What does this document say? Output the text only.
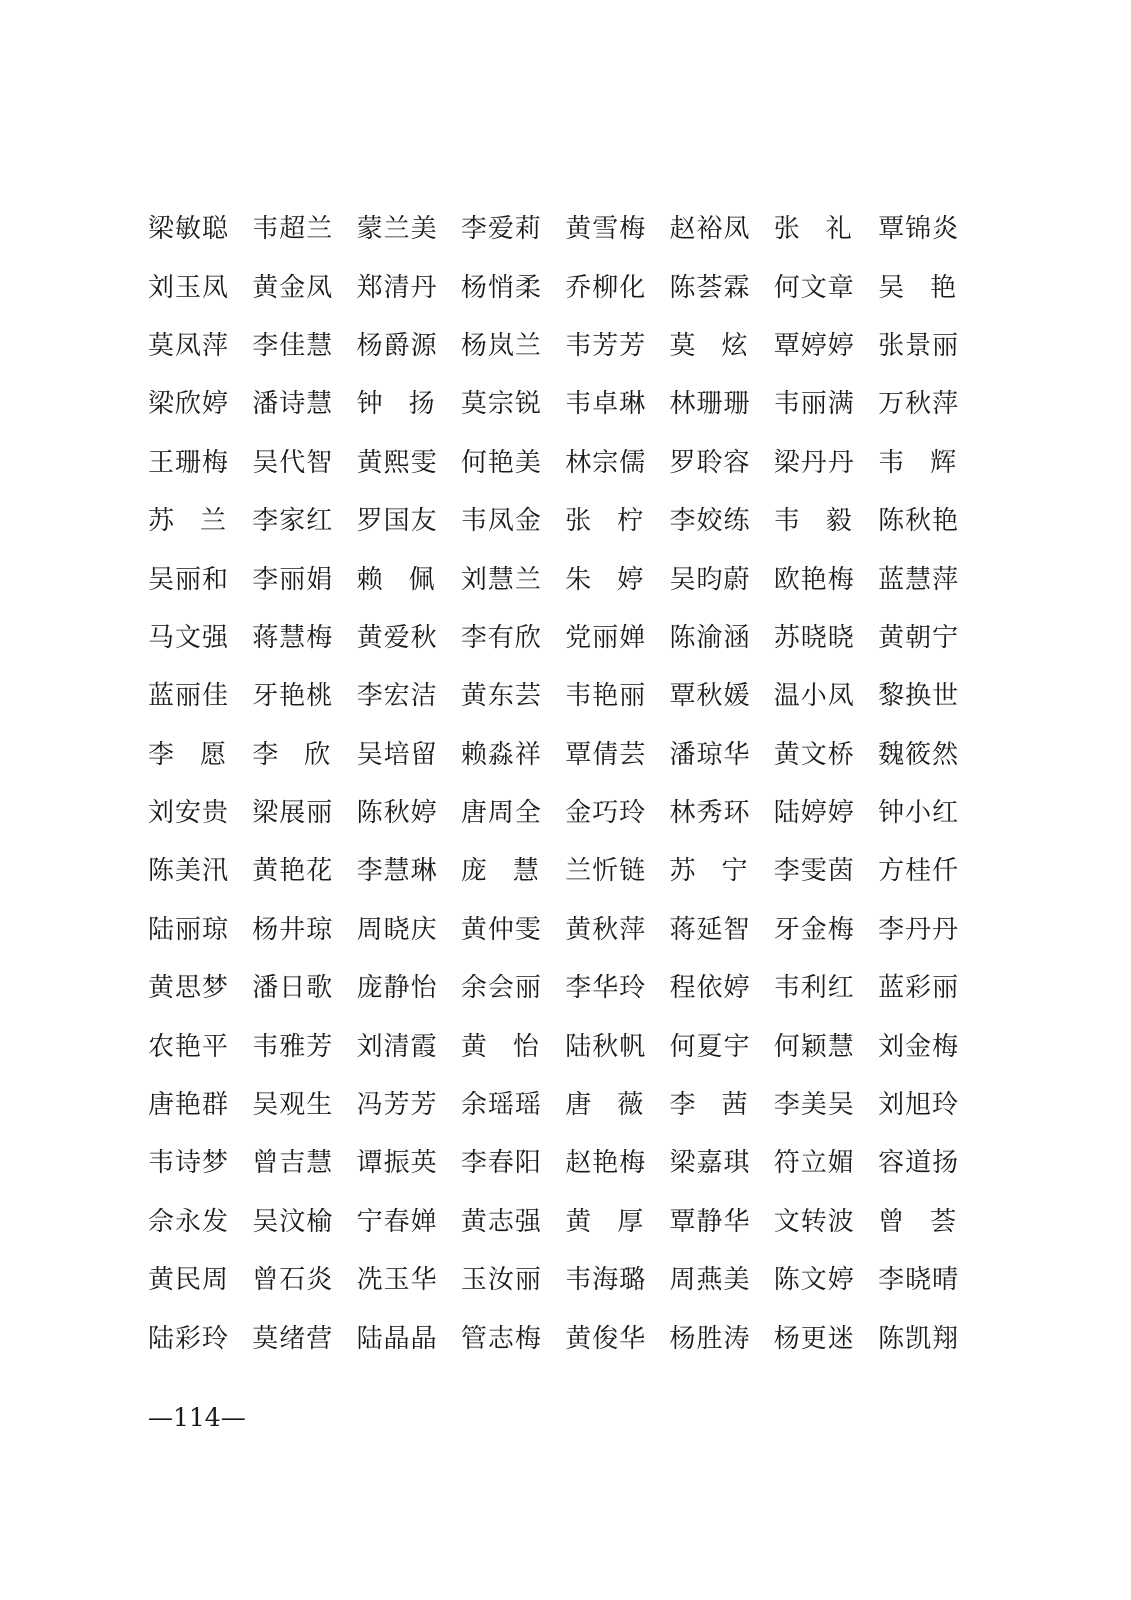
梁敏聪 韦超兰 蒙兰美 李爱莉 黄雪梅 赵裕凤 张 礼	覃锦炎
刘玉凤 黄金凤 郑清丹 杨悄柔 乔柳化 陈荟霖 何文章 吴 艳
莫凤萍 李佳慧 杨爵源 杨岚兰 韦芳芳 莫 炫	覃婷婷 张景丽
梁欣婷 潘诗慧 钟 扬	莫宗锐 韦卓琳 林珊珊 韦丽满 万秋萍
王珊梅 吴代智 黄熙雯 何艳美 林宗儒 罗聆容 梁丹丹 韦 辉
苏 兰	李家红 罗国友 韦凤金 张 柠	李姣练 韦 毅	陈秋艳
吴丽和 李丽娟 赖 佩	刘慧兰 朱 婷	吴昀蔚 欧艳梅 蓝慧萍
马文强 蒋慧梅 黄爱秋 李有欣 党丽婵 陈渝涵 苏晓晓 黄朝宁
蓝丽佳 牙艳桃 李宏洁 黄东芸 韦艳丽 覃秋媛 温小凤 黎换世
李 愿	李 欣	吴培留 赖淼祥 覃倩芸 潘琼华 黄文桥 魏筱然
刘安贵 梁展丽 陈秋婷 唐周全 金巧玲 林秀环 陆婷婷 钟小红
陈美汛 黄艳花 李慧琳 庞 慧	兰忻链 苏 宁	李雯茵 方桂仟
陆丽琼 杨井琼 周晓庆 黄仲雯 黄秋萍 蒋延智 牙金梅 李丹丹
黄思梦 潘日歌 庞静怡 余会丽 李华玲 程依婷 韦利红 蓝彩丽
农艳平 韦雅芳 刘清霞 黄 怡	陆秋帆 何夏宇 何颖慧 刘金梅
唐艳群 吴观生 冯芳芳 余瑶瑶 唐 薇	李 茜	李美吴 刘旭玲
韦诗梦 曾吉慧 谭振英 李春阳 赵艳梅 梁嘉琪 符立媚 容道扬
佘永发 吴汶榆 宁春婵 黄志强 黄 厚	覃静华 文转波 曾 荟
黄民周 曾石炎 冼玉华 玉汝丽 韦海璐 周燕美 陈文婷 李晓晴
陆彩玲 莫绪营 陆晶晶 管志梅 黄俊华 杨胜涛 杨更迷 陈凯翔
—114—
